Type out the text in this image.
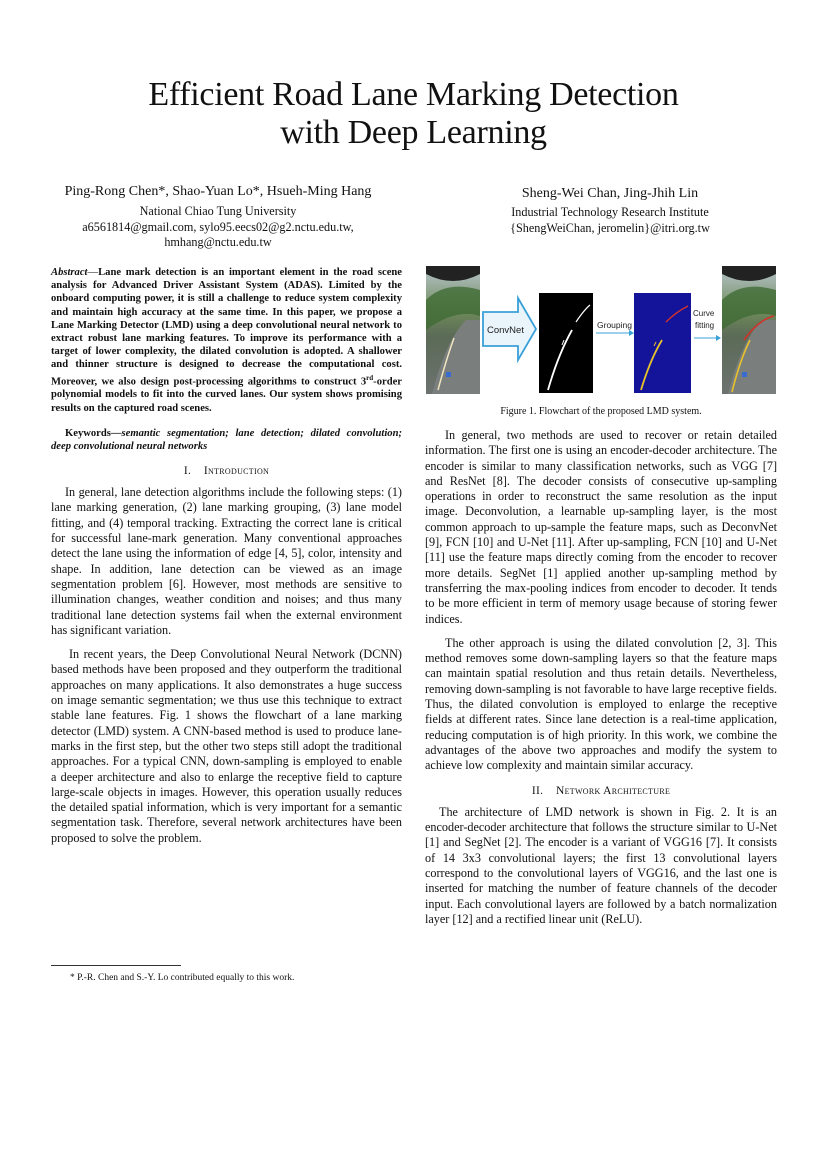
Efficient Road Lane Marking Detection
with Deep Learning
Ping-Rong Chen*, Shao-Yuan Lo*, Hsueh-Ming Hang
National Chiao Tung University
a6561814@gmail.com, sylo95.eecs02@g2.nctu.edu.tw,
hmhang@nctu.edu.tw
Sheng-Wei Chan, Jing-Jhih Lin
Industrial Technology Research Institute
{ShengWeiChan, jeromelin}@itri.org.tw
Abstract—Lane mark detection is an important element in the road scene analysis for Advanced Driver Assistant System (ADAS). Limited by the onboard computing power, it is still a challenge to reduce system complexity and maintain high accuracy at the same time. In this paper, we propose a Lane Marking Detector (LMD) using a deep convolutional neural network to extract robust lane marking features. To improve its performance with a target of lower complexity, the dilated convolution is adopted. A shallower and thinner structure is designed to decrease the computational cost. Moreover, we also design post-processing algorithms to construct 3rd-order polynomial models to fit into the curved lanes. Our system shows promising results on the captured road scenes.
Keywords—semantic segmentation; lane detection; dilated convolution; deep convolutional neural networks
I. Introduction

In general, lane detection algorithms include the following steps: (1) lane marking generation, (2) lane marking grouping, (3) lane model fitting, and (4) temporal tracking. Extracting the correct lane is critical for successful lane-mark generation. Many conventional approaches detect the lane using the information of edge [4, 5], color, intensity and shape. In addition, lane detection can be viewed as an image segmentation problem [6]. However, most methods are sensitive to illumination changes, weather condition and noises; and thus many traditional lane detection systems fail when the external environment has significant variation.

In recent years, the Deep Convolutional Neural Network (DCNN) based methods have been proposed and they outperform the traditional approaches on many applications. It also demonstrates a huge success on image semantic segmentation; we thus use this technique to extract stable lane features. Fig. 1 shows the flowchart of a lane marking detector (LMD) system. A CNN-based method is used to produce lane-marks in the first step, but the other two steps still adopt the traditional approaches. For a typical CNN, down-sampling is employed to enable a deeper architecture and also to enlarge the receptive field to capture large-scale objects in images. However, this operation usually reduces the detailed spatial information, which is very important for a semantic segmentation task. Therefore, several network architectures have been proposed to solve the problem.

* P.-R. Chen and S.-Y. Lo contributed equally to this work.
ConvNet	Grouping
Curve
fitting
Figure 1. Flowchart of the proposed LMD system.

In general, two methods are used to recover or retain detailed information. The first one is using an encoder-decoder architecture. The encoder is similar to many classification networks, such as VGG [7] and ResNet [8]. The decoder consists of consecutive up-sampling operations in order to reconstruct the same resolution as the input image. Deconvolution, a learnable up-sampling layer, is the most common approach to up-sample the feature maps, such as DeconvNet [9], FCN [10] and U-Net [11]. After up-sampling, FCN [10] and U-Net [11] use the feature maps directly coming from the encoder to recover more details. SegNet [1] applied another up-sampling method by transferring the max-pooling indices from encoder to decoder. It tends to be more efficient in term of memory usage because of storing fewer indices.

The other approach is using the dilated convolution [2, 3]. This method removes some down-sampling layers so that the feature maps can maintain spatial resolution and thus retain details. Nevertheless, removing down-sampling is not favorable to have large receptive fields. Thus, the dilated convolution is employed to enlarge the receptive fields at different rates. Since lane detection is a real-time application, reducing computation is of high priority. In this work, we combine the advantages of the above two approaches and modify the system to achieve low complexity and maintain similar accuracy.

II. Network Architecture

The architecture of LMD network is shown in Fig. 2. It is an encoder-decoder architecture that follows the structure similar to U-Net [1] and SegNet [2]. The encoder is a variant of VGG16 [7]. It consists of 14 3x3 convolutional layers; the first 13 convolutional layers correspond to the convolutional layers of VGG16, and the last one is inserted for matching the number of feature channels of the decoder input. Each convolutional layers are followed by a batch normalization layer [12] and a rectified linear unit (ReLU).
